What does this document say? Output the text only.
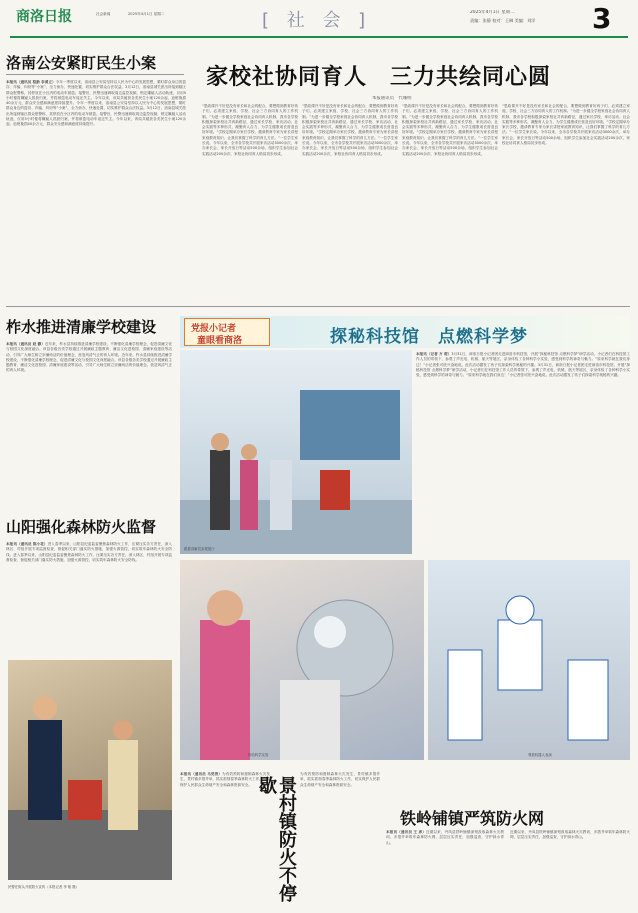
商洛日报	社会新闻	2025年4月1日 星期二	[ 社 会 ]	2025年4月1日 星期二
责编：张静 校对：王琳 美编：刘洋	3
洛南公安紧盯民生小案
本报讯（通讯员 程新 李勇立）今年一季度以来，洛南县公安局坚持以人民为中心的发展思想，紧盯群众身边的盗窃、诈骗、纠纷等“小案”，全力侦办、快速处置，切实维护群众合法权益。3月12日，洛南县城关派出所接到辖区群众报警称，其停放在小区内的电动车被盗。接警后，民警迅速调取周边监控视频，锁定嫌疑人活动轨迹，仅用5小时便将嫌疑人抓获归案，并将被盗电动车返还失主。今年以来，该局共破获各类民生小案120余起，追赃挽损40余万元，群众安全感和满意度持续提升。今年一季度以来，洛南县公安局坚持以人民为中心的发展思想，紧盯群众身边的盗窃、诈骗、纠纷等“小案”，全力侦办、快速处置，切实维护群众合法权益。3月12日，洛南县城关派出所接到辖区群众报警称，其停放在小区内的电动车被盗。接警后，民警迅速调取周边监控视频，锁定嫌疑人活动轨迹，仅用5小时便将嫌疑人抓获归案，并将被盗电动车返还失主。今年以来，该局共破获各类民生小案120余起，追赃挽损40余万元，群众安全感和满意度持续提升。
家校社协同育人　三力共绘同心圆
本报通讯员　代珊明
“思政课开不好是没有家长和社会的配合，要想做到教育好孩子们，必须建立家庭、学校、社会三方协同育人的工作机制。”为进一步健全学校家庭社会协同育人机制，我市各学校积极探索家校社共育新路径，通过家长学校、家访活动、社会实践等多种形式，凝聚育人合力，为学生健康成长营造良好环境。“学校定期举办家长学校，邀请教育专家为家长讲授家庭教育知识，让我们掌握了科学的育儿方法。”一位学生家长说。今年以来，全市各学校共开展家访活动3000余次，举办家长会、家长开放日等活动500余场，组织学生参加社会实践活动200余次，家校社协同育人格局初步形成。
“思政课开不好是没有家长和社会的配合，要想做到教育好孩子们，必须建立家庭、学校、社会三方协同育人的工作机制。”为进一步健全学校家庭社会协同育人机制，我市各学校积极探索家校社共育新路径，通过家长学校、家访活动、社会实践等多种形式，凝聚育人合力，为学生健康成长营造良好环境。“学校定期举办家长学校，邀请教育专家为家长讲授家庭教育知识，让我们掌握了科学的育儿方法。”一位学生家长说。今年以来，全市各学校共开展家访活动3000余次，举办家长会、家长开放日等活动500余场，组织学生参加社会实践活动200余次，家校社协同育人格局初步形成。
“思政课开不好是没有家长和社会的配合，要想做到教育好孩子们，必须建立家庭、学校、社会三方协同育人的工作机制。”为进一步健全学校家庭社会协同育人机制，我市各学校积极探索家校社共育新路径，通过家长学校、家访活动、社会实践等多种形式，凝聚育人合力，为学生健康成长营造良好环境。“学校定期举办家长学校，邀请教育专家为家长讲授家庭教育知识，让我们掌握了科学的育儿方法。”一位学生家长说。今年以来，全市各学校共开展家访活动3000余次，举办家长会、家长开放日等活动500余场，组织学生参加社会实践活动200余次，家校社协同育人格局初步形成。
“思政课开不好是没有家长和社会的配合，要想做到教育好孩子们，必须建立家庭、学校、社会三方协同育人的工作机制。”为进一步健全学校家庭社会协同育人机制，我市各学校积极探索家校社共育新路径，通过家长学校、家访活动、社会实践等多种形式，凝聚育人合力，为学生健康成长营造良好环境。“学校定期举办家长学校，邀请教育专家为家长讲授家庭教育知识，让我们掌握了科学的育儿方法。”一位学生家长说。今年以来，全市各学校共开展家访活动3000余次，举办家长会、家长开放日等活动500余场，组织学生参加社会实践活动200余次，家校社协同育人格局初步形成。
柞水推进清廉学校建设
本报讯（通讯员 赵 静）近年来，柞水县持续推进清廉学校建设，不断强化清廉学校理念，促进清廉文化与校园文化深度融合。该县各级各类学校通过开展廉政主题教育、廉洁文化进校园、清廉家庭建设等活动，引导广大师生树立崇廉尚洁的价值理念，营造风清气正的育人环境。近年来，柞水县持续推进清廉学校建设，不断强化清廉学校理念，促进清廉文化与校园文化深度融合。该县各级各类学校通过开展廉政主题教育、廉洁文化进校园、清廉家庭建设等活动，引导广大师生树立崇廉尚洁的价值理念，营造风清气正的育人环境。
山阳强化森林防火监督
本报讯（通讯员 陈小花）进入春季以来，山阳县纪委监委聚焦森林防火工作，压紧压实各方责任，深入林区、村组开展专项监督检查，督促相关部门落实防火措施，加强火源管控，切实筑牢森林防火安全防线。进入春季以来，山阳县纪委监委聚焦森林防火工作，压紧压实各方责任，深入林区、村组开展专项监督检查，督促相关部门落实防火措施，加强火源管控，切实筑牢森林防火安全防线。
民警在街头开展防火宣传（本报记者 李 敏 摄）
党报小记者
童眼看商洛	探秘科技馆　点燃科学梦
跟着讲解员参观展厅
本报讯（记者 方 莉）3月31日，商洛日报小记者团走进商洛市科技馆，开展“探秘科技馆 点燃科学梦”研学活动，小记者们在科技馆工作人员的带领下，参观了声光电、机械、航天等展区，亲身体验了各种科学小实验，感受到科学的神奇与魅力。“原来科学就在我们身边！”小记者张可欣兴奋地说。此次活动激发了孩子们探索科学奥秘的兴趣。3月31日，商洛日报小记者团走进商洛市科技馆，开展“探秘科技馆 点燃科学梦”研学活动，小记者们在科技馆工作人员的带领下，参观了声光电、机械、航天等展区，亲身体验了各种科学小实验，感受到科学的神奇与魅力。“原来科学就在我们身边！”小记者张可欣兴奋地说。此次活动激发了孩子们探索科学奥秘的兴趣。
体验科学实验	观看机器人表演
本报讯（通讯员 马党涛）为有效预防和遏制森林火灾发生，景村镇多措并举，抓实抓细春季森林防火工作，切实保护人民群众生命财产安全和森林资源安全。	景村镇防火不停歇
为有效预防和遏制森林火灾发生，景村镇多措并举，抓实抓细春季森林防火工作，切实保护人民群众生命财产安全和森林资源安全。
铁岭铺镇严筑防火网
本报讯（通讯员 王 彦）近期以来，丹凤县铁岭铺镇深刻汲取森林火灾教训，多措并举筑牢森林防火网，层层压实责任，加强巡查，守护绿水青山。
近期以来，丹凤县铁岭铺镇深刻汲取森林火灾教训，多措并举筑牢森林防火网，层层压实责任，加强巡查，守护绿水青山。
